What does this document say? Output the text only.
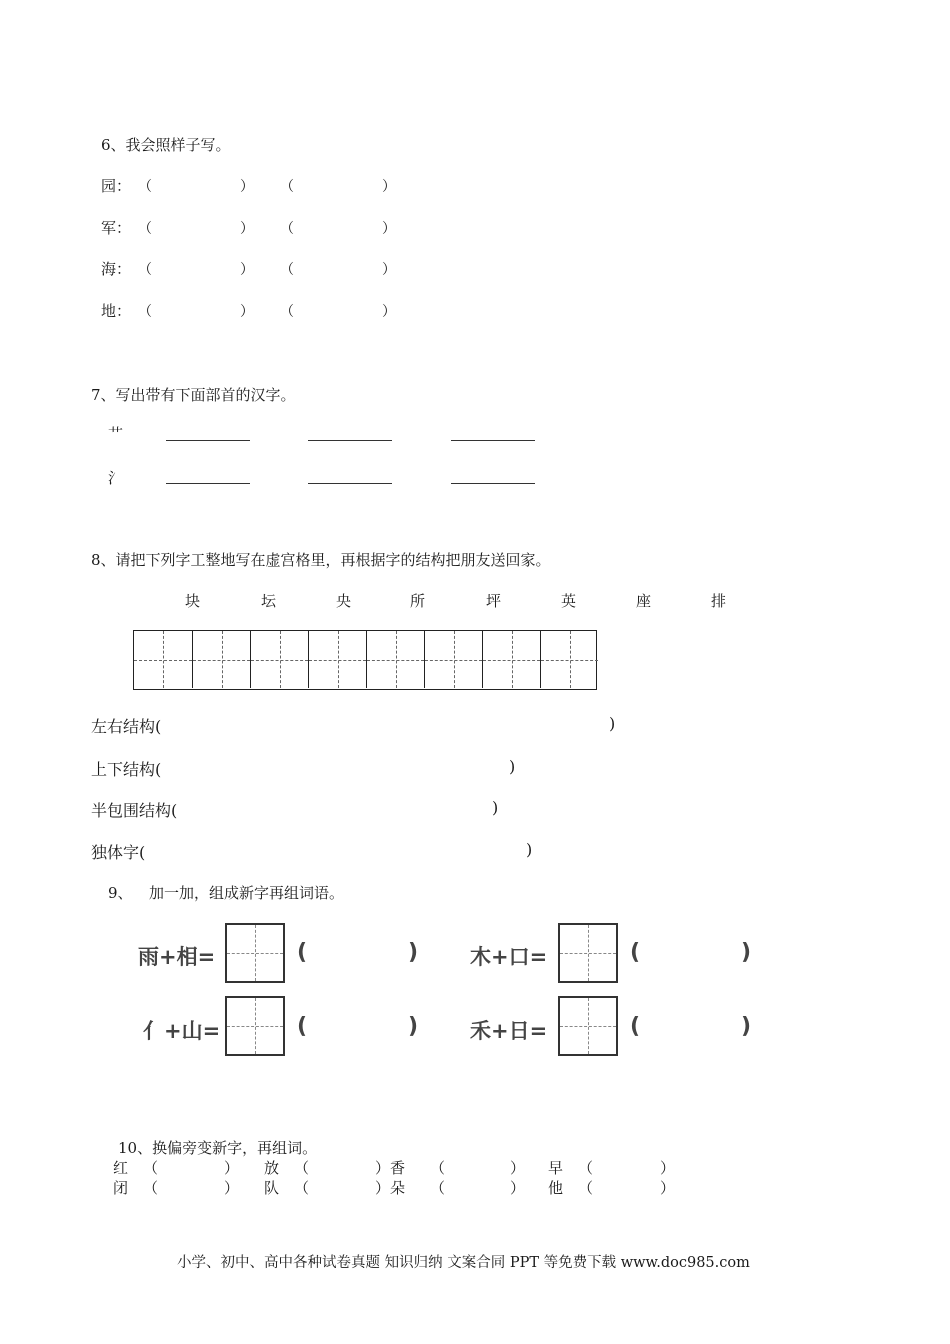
6、我会照样子写。
园： （	） （	）
军： （	） （	）
海： （	） （	）
地： （	） （	）
7、写出带有下面部首的汉字。
艹
氵
8、请把下列字工整地写在虚宫格里，再根据字的结构把朋友送回家。
块	坛	央	所	坪	英	座	排
左右结构(	)
上下结构(	)
半包围结构(	)
独体字(	)
9、 加一加，组成新字再组词语。
雨+相=	(	) 木+口=	(	)
亻+山=	(	) 禾+日=	(	)
10、换偏旁变新字，再组词。
红 （	） 放 （	）香 （	） 早 （	）
闭 （	） 队 （	）朵 （	） 他 （	）
小学、初中、高中各种试卷真题 知识归纳 文案合同 PPT 等免费下载 www.doc985.com
